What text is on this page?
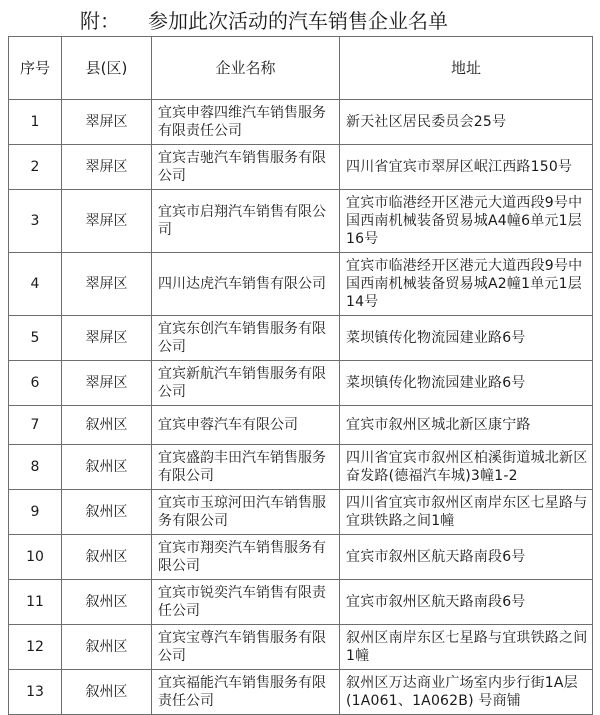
附： 参加此次活动的汽车销售企业名单
序号	县(区)	企业名称	地址
1	翠屏区	宜宾申蓉四维汽车销售服务有限责任公司	新天社区居民委员会25号
2	翠屏区	宜宾吉驰汽车销售服务有限公司	四川省宜宾市翠屏区岷江西路150号
3	翠屏区	宜宾市启翔汽车销售有限公司	宜宾市临港经开区港元大道西段9号中国西南机械装备贸易城A4幢6单元1层16号
4	翠屏区	四川达虎汽车销售有限公司	宜宾市临港经开区港元大道西段9号中国西南机械装备贸易城A2幢1单元1层14号
5	翠屏区	宜宾东创汽车销售服务有限公司	菜坝镇传化物流园建业路6号
6	翠屏区	宜宾新航汽车销售服务有限公司	菜坝镇传化物流园建业路6号
7	叙州区	宜宾申蓉汽车有限公司	宜宾市叙州区城北新区康宁路
8	叙州区	宜宾盛韵丰田汽车销售服务有限公司	四川省宜宾市叙州区柏溪街道城北新区奋发路(德福汽车城)3幢1-2
9	叙州区	宜宾市玉琼河田汽车销售服务有限公司	四川省宜宾市叙州区南岸东区七星路与宜珙铁路之间1幢
10	叙州区	宜宾市翔奕汽车销售服务有限公司	宜宾市叙州区航天路南段6号
11	叙州区	宜宾市锐奕汽车销售有限责任公司	宜宾市叙州区航天路南段6号
12	叙州区	宜宾宝尊汽车销售服务有限公司	叙州区南岸东区七星路与宜珙铁路之间1幢
13	叙州区	宜宾福能汽车销售服务有限责任公司	叙州区万达商业广场室内步行街1A层(1A061、1A062B) 号商铺
